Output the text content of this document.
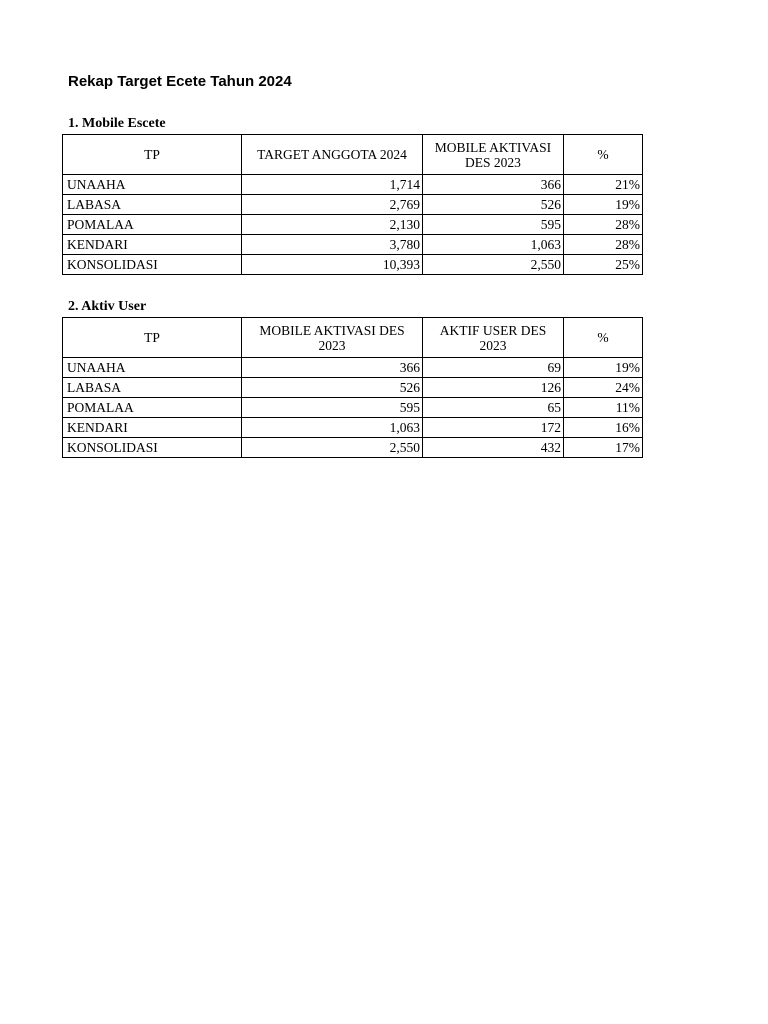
Rekap Target Ecete Tahun 2024
1. Mobile Escete
TP	TARGET ANGGOTA 2024	MOBILE AKTIVASI DES 2023	%
UNAAHA	1,714	366	21%
LABASA	2,769	526	19%
POMALAA	2,130	595	28%
KENDARI	3,780	1,063	28%
KONSOLIDASI	10,393	2,550	25%
2. Aktiv User
TP	MOBILE AKTIVASI DES 2023	AKTIF USER DES 2023	%
UNAAHA	366	69	19%
LABASA	526	126	24%
POMALAA	595	65	11%
KENDARI	1,063	172	16%
KONSOLIDASI	2,550	432	17%
